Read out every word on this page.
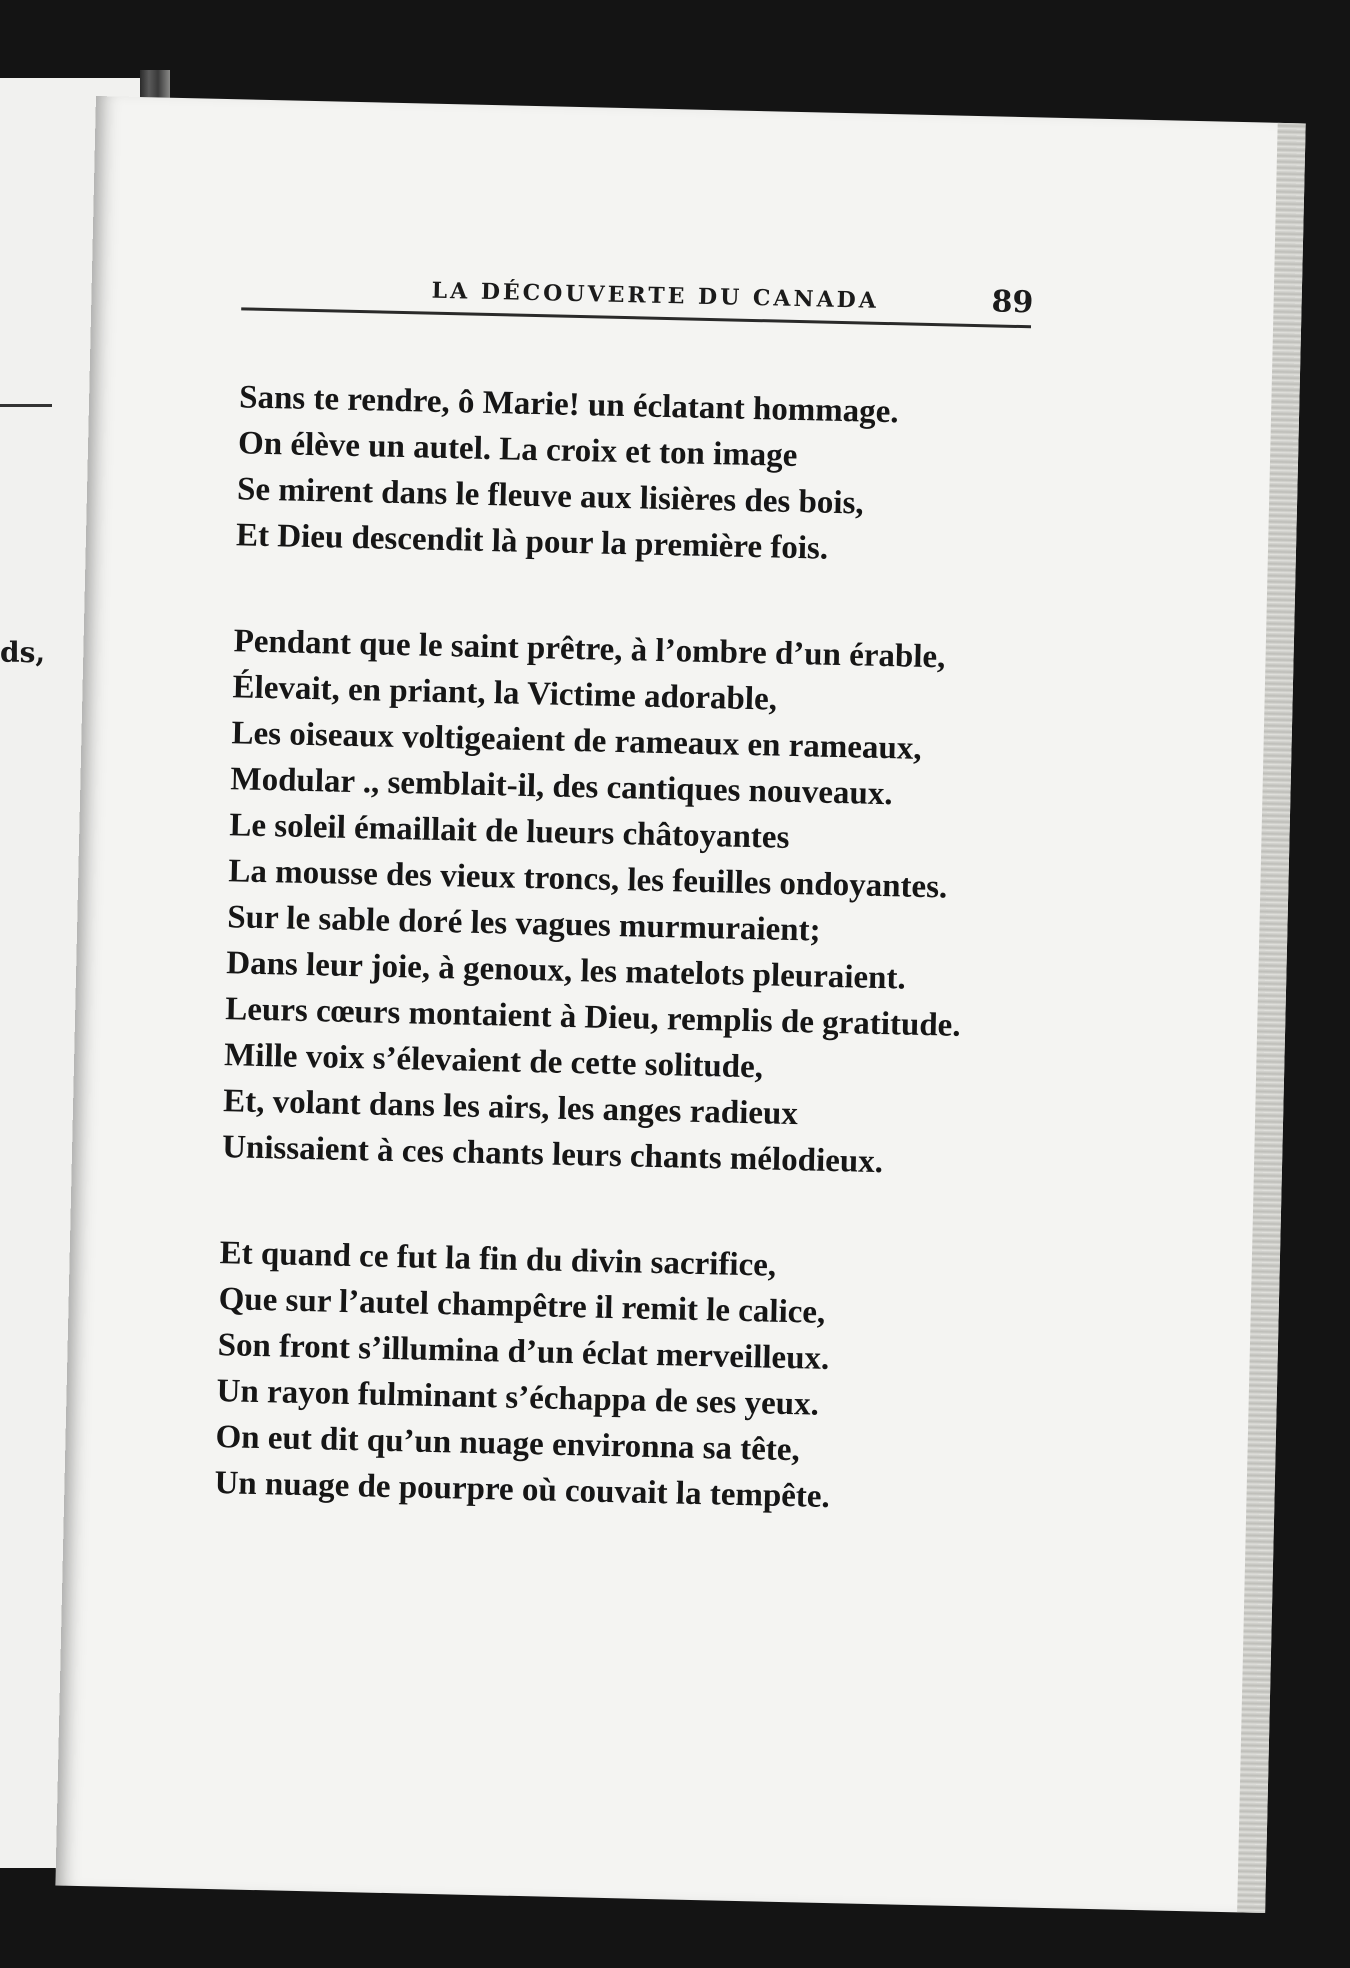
ds,
LA DÉCOUVERTE DU CANADA	89
Sans te rendre, ô Marie! un éclatant hommage.
On élève un autel. La croix et ton image
Se mirent dans le fleuve aux lisières des bois,
Et Dieu descendit là pour la première fois.
Pendant que le saint prêtre, à l’ombre d’un érable,
Élevait, en priant, la Victime adorable,
Les oiseaux voltigeaient de rameaux en rameaux,
Modular ., semblait-il, des cantiques nouveaux.
Le soleil émaillait de lueurs châtoyantes
La mousse des vieux troncs, les feuilles ondoyantes.
Sur le sable doré les vagues murmuraient;
Dans leur joie, à genoux, les matelots pleuraient.
Leurs cœurs montaient à Dieu, remplis de gratitude.
Mille voix s’élevaient de cette solitude,
Et, volant dans les airs, les anges radieux
Unissaient à ces chants leurs chants mélodieux.
Et quand ce fut la fin du divin sacrifice,
Que sur l’autel champêtre il remit le calice,
Son front s’illumina d’un éclat merveilleux.
Un rayon fulminant s’échappa de ses yeux.
On eut dit qu’un nuage environna sa tête,
Un nuage de pourpre où couvait la tempête.
